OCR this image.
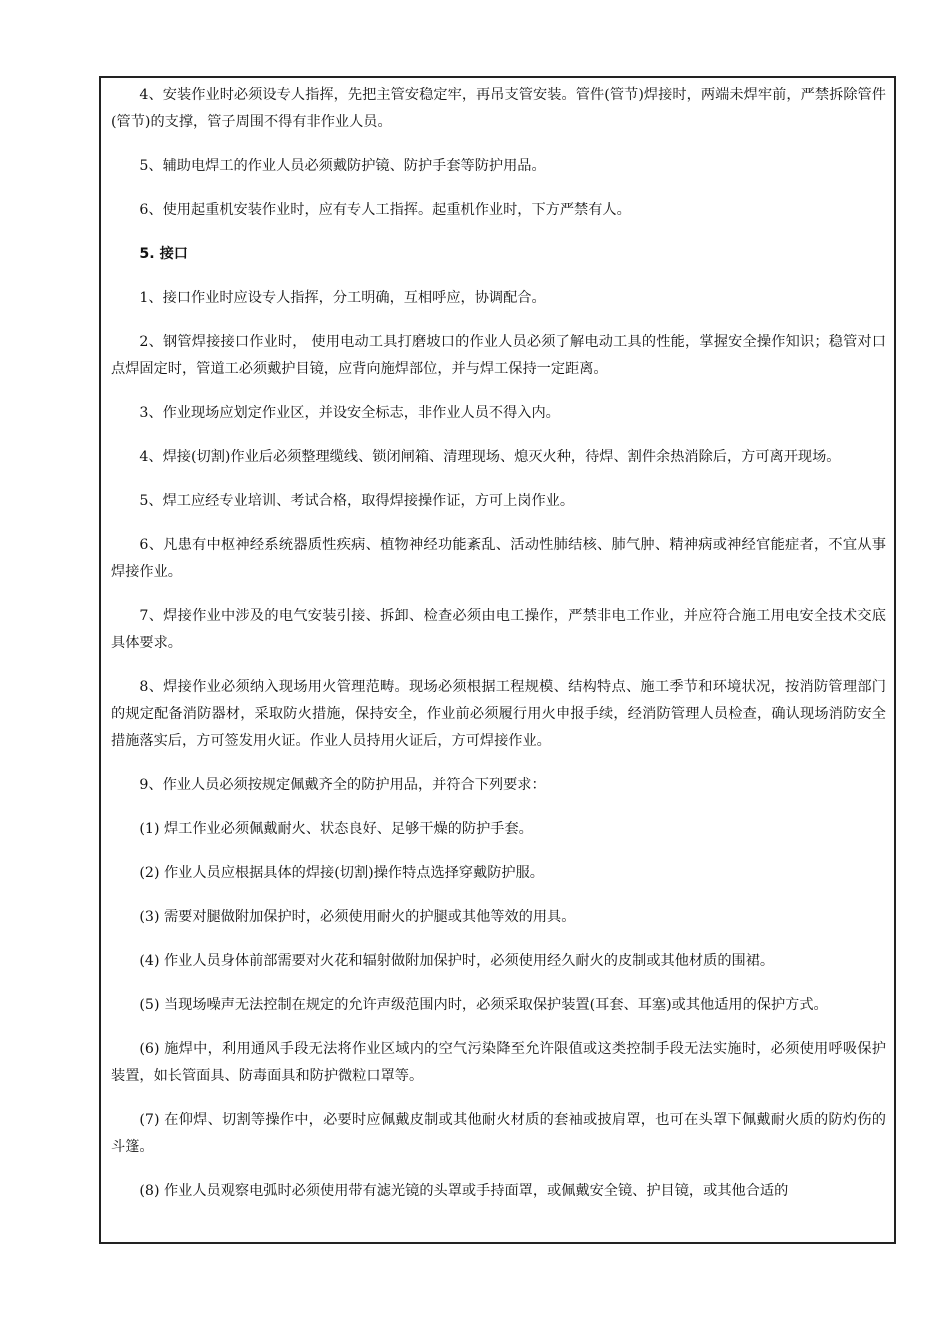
4、安装作业时必须设专人指挥，先把主管安稳定牢，再吊支管安装。管件(管节)焊接时，两端未焊牢前，严禁拆除管件(管节)的支撑，管子周围不得有非作业人员。

5、辅助电焊工的作业人员必须戴防护镜、防护手套等防护用品。

6、使用起重机安装作业时，应有专人工指挥。起重机作业时，下方严禁有人。

5. 接口

1、接口作业时应设专人指挥，分工明确，互相呼应，协调配合。

2、钢管焊接接口作业时， 使用电动工具打磨坡口的作业人员必须了解电动工具的性能，掌握安全操作知识；稳管对口点焊固定时，管道工必须戴护目镜，应背向施焊部位，并与焊工保持一定距离。

3、作业现场应划定作业区，并设安全标志，非作业人员不得入内。

4、焊接(切割)作业后必须整理缆线、锁闭闸箱、清理现场、熄灭火种，待焊、割件余热消除后，方可离开现场。

5、焊工应经专业培训、考试合格，取得焊接操作证，方可上岗作业。

6、凡患有中枢神经系统器质性疾病、植物神经功能紊乱、活动性肺结核、肺气肿、精神病或神经官能症者，不宜从事焊接作业。

7、焊接作业中涉及的电气安装引接、拆卸、检查必须由电工操作，严禁非电工作业，并应符合施工用电安全技术交底具体要求。

8、焊接作业必须纳入现场用火管理范畴。现场必须根据工程规模、结构特点、施工季节和环境状况，按消防管理部门的规定配备消防器材，采取防火措施，保持安全，作业前必须履行用火申报手续，经消防管理人员检查，确认现场消防安全措施落实后，方可签发用火证。作业人员持用火证后，方可焊接作业。

9、作业人员必须按规定佩戴齐全的防护用品，并符合下列要求：

(1) 焊工作业必须佩戴耐火、状态良好、足够干燥的防护手套。

(2) 作业人员应根据具体的焊接(切割)操作特点选择穿戴防护服。

(3) 需要对腿做附加保护时，必须使用耐火的护腿或其他等效的用具。

(4) 作业人员身体前部需要对火花和辐射做附加保护时，必须使用经久耐火的皮制或其他材质的围裙。

(5) 当现场噪声无法控制在规定的允许声级范围内时，必须采取保护装置(耳套、耳塞)或其他适用的保护方式。

(6) 施焊中，利用通风手段无法将作业区域内的空气污染降至允许限值或这类控制手段无法实施时，必须使用呼吸保护装置，如长管面具、防毒面具和防护微粒口罩等。

(7) 在仰焊、切割等操作中，必要时应佩戴皮制或其他耐火材质的套袖或披肩罩，也可在头罩下佩戴耐火质的防灼伤的斗篷。

(8) 作业人员观察电弧时必须使用带有滤光镜的头罩或手持面罩，或佩戴安全镜、护目镜，或其他合适的
